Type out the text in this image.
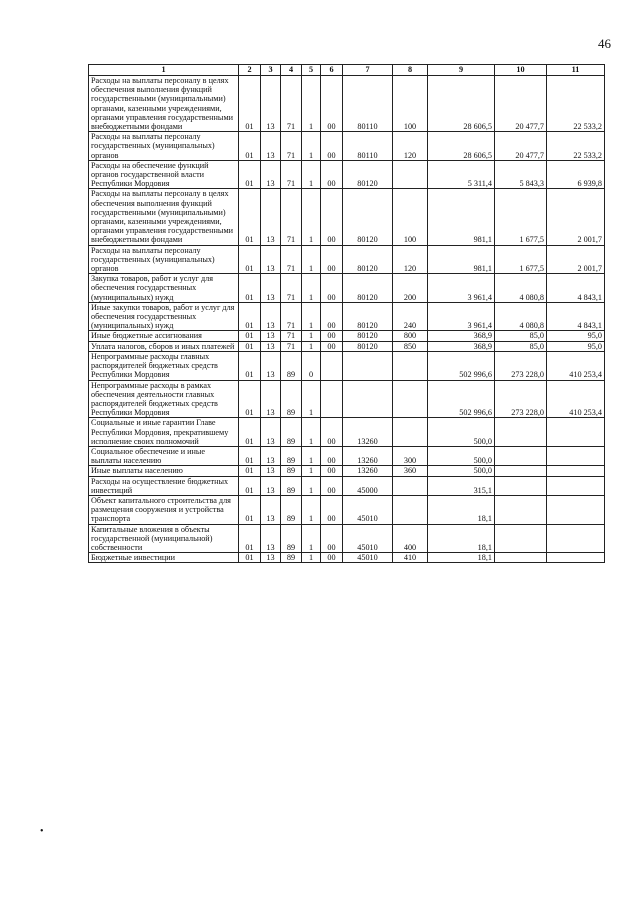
46
1	2	3	4	5	6	7	8	9	10	11
Расходы на выплаты персоналу в целях обеспечения выполнения функций государственными (муниципальными) органами, казенными учреждениями, органами управления государственными внебюджетными фондами	01	13	71	1	00	80110	100	28 606,5	20 477,7	22 533,2
Расходы на выплаты персоналу государственных (муниципальных) органов	01	13	71	1	00	80110	120	28 606,5	20 477,7	22 533,2
Расходы на обеспечение функций органов государственной власти Республики Мордовия	01	13	71	1	00	80120		5 311,4	5 843,3	6 939,8
Расходы на выплаты персоналу в целях обеспечения выполнения функций государственными (муниципальными) органами, казенными учреждениями, органами управления государственными внебюджетными фондами	01	13	71	1	00	80120	100	981,1	1 677,5	2 001,7
Расходы на выплаты персоналу государственных (муниципальных) органов	01	13	71	1	00	80120	120	981,1	1 677,5	2 001,7
Закупка товаров, работ и услуг для обеспечения государственных (муниципальных) нужд	01	13	71	1	00	80120	200	3 961,4	4 080,8	4 843,1
Иные закупки товаров, работ и услуг для обеспечения государственных (муниципальных) нужд	01	13	71	1	00	80120	240	3 961,4	4 080,8	4 843,1
Иные бюджетные ассигнования	01	13	71	1	00	80120	800	368,9	85,0	95,0
Уплата налогов, сборов и иных платежей	01	13	71	1	00	80120	850	368,9	85,0	95,0
Непрограммные расходы главных распорядителей бюджетных средств Республики Мордовия	01	13	89	0				502 996,6	273 228,0	410 253,4
Непрограммные расходы в рамках обеспечения деятельности главных распорядителей бюджетных средств Республики Мордовия	01	13	89	1				502 996,6	273 228,0	410 253,4
Социальные и иные гарантии Главе Республики Мордовия, прекратившему исполнение своих полномочий	01	13	89	1	00	13260		500,0		
Социальное обеспечение и иные выплаты населению	01	13	89	1	00	13260	300	500,0		
Иные выплаты населению	01	13	89	1	00	13260	360	500,0		
Расходы на осуществление бюджетных инвестиций	01	13	89	1	00	45000		315,1		
Объект капитального строительства для размещения сооружения и устройства транспорта	01	13	89	1	00	45010		18,1		
Капитальные вложения в объекты государственной (муниципальной) собственности	01	13	89	1	00	45010	400	18,1		
Бюджетные инвестиции	01	13	89	1	00	45010	410	18,1		
•
